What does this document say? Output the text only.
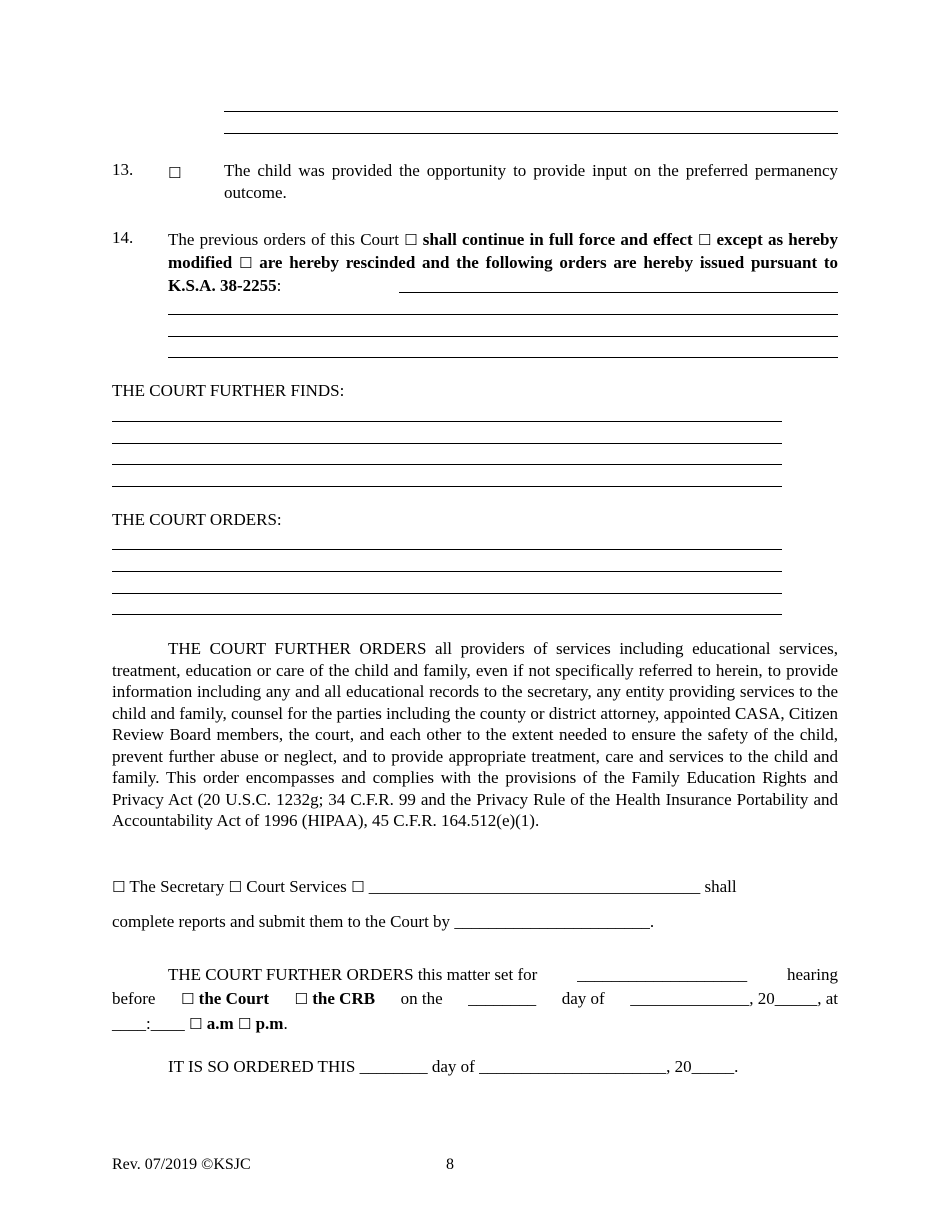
13. ☐	The child was provided the opportunity to provide input on the preferred permanency outcome.
14. The previous orders of this Court ☐ shall continue in full force and effect ☐ except as hereby modified ☐ are hereby rescinded and the following orders are hereby issued pursuant to K.S.A. 38-2255:
THE COURT FURTHER FINDS:
THE COURT ORDERS:
THE COURT FURTHER ORDERS all providers of services including educational services, treatment, education or care of the child and family, even if not specifically referred to herein, to provide information including any and all educational records to the secretary, any entity providing services to the child and family, counsel for the parties including the county or district attorney, appointed CASA, Citizen Review Board members, the court, and each other to the extent needed to ensure the safety of the child, prevent further abuse or neglect, and to provide appropriate treatment, care and services to the child and family. This order encompasses and complies with the provisions of the Family Education Rights and Privacy Act (20 U.S.C. 1232g; 34 C.F.R. 99 and the Privacy Rule of the Health Insurance Portability and Accountability Act of 1996 (HIPAA), 45 C.F.R. 164.512(e)(1).
☐ The Secretary ☐ Court Services ☐ _______________________________________ shall
complete reports and submit them to the Court by _______________________.
THE COURT FURTHER ORDERS this matter set for ____________________ hearing
before ☐ the Court ☐ the CRB on the ________ day of ______________, 20_____, at
____:____ ☐ a.m ☐ p.m.
IT IS SO ORDERED THIS ________ day of ______________________, 20_____.
Rev. 07/2019 ©KSJC	8
